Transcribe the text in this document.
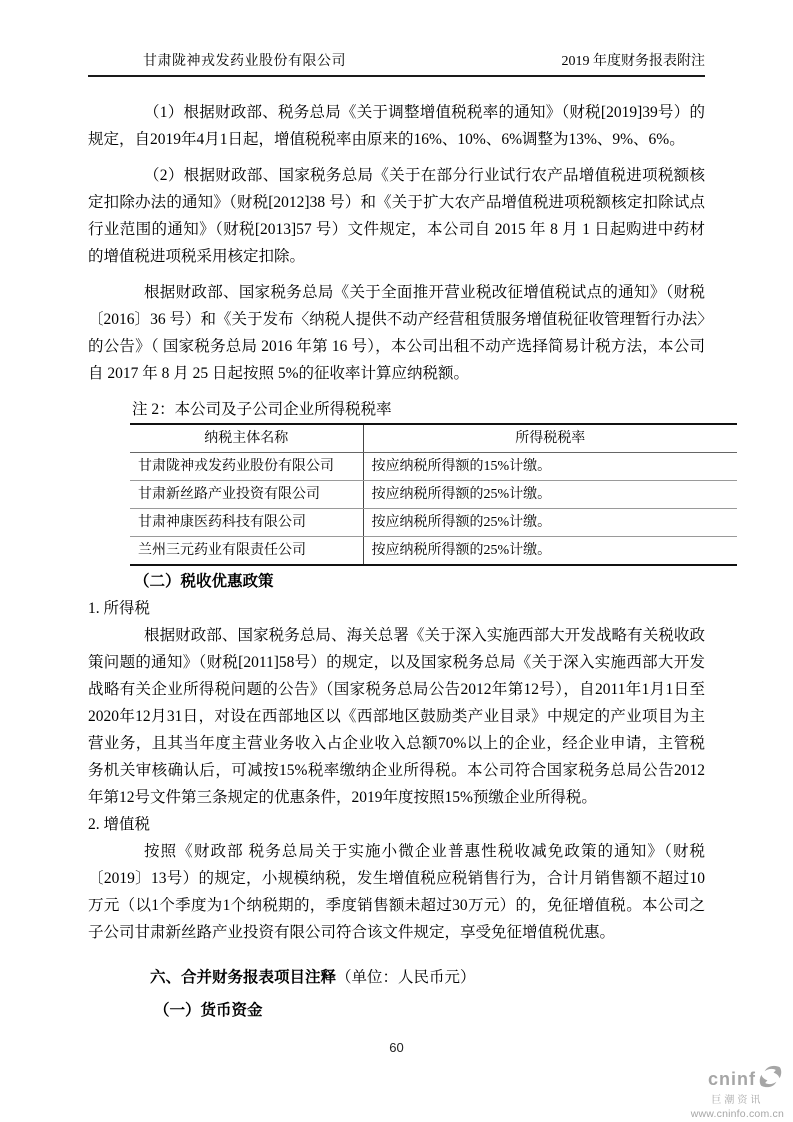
甘肃陇神戎发药业股份有限公司	2019 年度财务报表附注

（1）根据财政部、税务总局《关于调整增值税税率的通知》（财税[2019]39号）的规定，自2019年4月1日起，增值税税率由原来的16%、10%、6%调整为13%、9%、6%。

（2）根据财政部、国家税务总局《关于在部分行业试行农产品增值税进项税额核定扣除办法的通知》（财税[2012]38 号）和《关于扩大农产品增值税进项税额核定扣除试点行业范围的通知》（财税[2013]57 号）文件规定，本公司自 2015 年 8 月 1 日起购进中药材的增值税进项税采用核定扣除。

根据财政部、国家税务总局《关于全面推开营业税改征增值税试点的通知》（财税〔2016〕36 号）和《关于发布〈纳税人提供不动产经营租赁服务增值税征收管理暂行办法〉的公告》（ 国家税务总局 2016 年第 16 号），本公司出租不动产选择简易计税方法，本公司自 2017 年 8 月 25 日起按照 5%的征收率计算应纳税额。

注 2：本公司及子公司企业所得税税率

纳税主体名称	所得税税率
甘肃陇神戎发药业股份有限公司	按应纳税所得额的15%计缴。
甘肃新丝路产业投资有限公司	按应纳税所得额的25%计缴。
甘肃神康医药科技有限公司	按应纳税所得额的25%计缴。
兰州三元药业有限责任公司	按应纳税所得额的25%计缴。

（二）税收优惠政策

1. 所得税

根据财政部、国家税务总局、海关总署《关于深入实施西部大开发战略有关税收政策问题的通知》（财税[2011]58号）的规定，以及国家税务总局《关于深入实施西部大开发战略有关企业所得税问题的公告》（国家税务总局公告2012年第12号），自2011年1月1日至2020年12月31日，对设在西部地区以《西部地区鼓励类产业目录》中规定的产业项目为主营业务，且其当年度主营业务收入占企业收入总额70%以上的企业，经企业申请，主管税务机关审核确认后，可减按15%税率缴纳企业所得税。本公司符合国家税务总局公告2012年第12号文件第三条规定的优惠条件，2019年度按照15%预缴企业所得税。

2. 增值税

按照《财政部 税务总局关于实施小微企业普惠性税收减免政策的通知》（财税〔2019〕13号）的规定，小规模纳税，发生增值税应税销售行为，合计月销售额不超过10万元（以1个季度为1个纳税期的，季度销售额未超过30万元）的，免征增值税。本公司之子公司甘肃新丝路产业投资有限公司符合该文件规定，享受免征增值税优惠。

六、合并财务报表项目注释（单位：人民币元）

（一）货币资金

60
cninf
巨潮资讯
www.cninfo.com.cn
